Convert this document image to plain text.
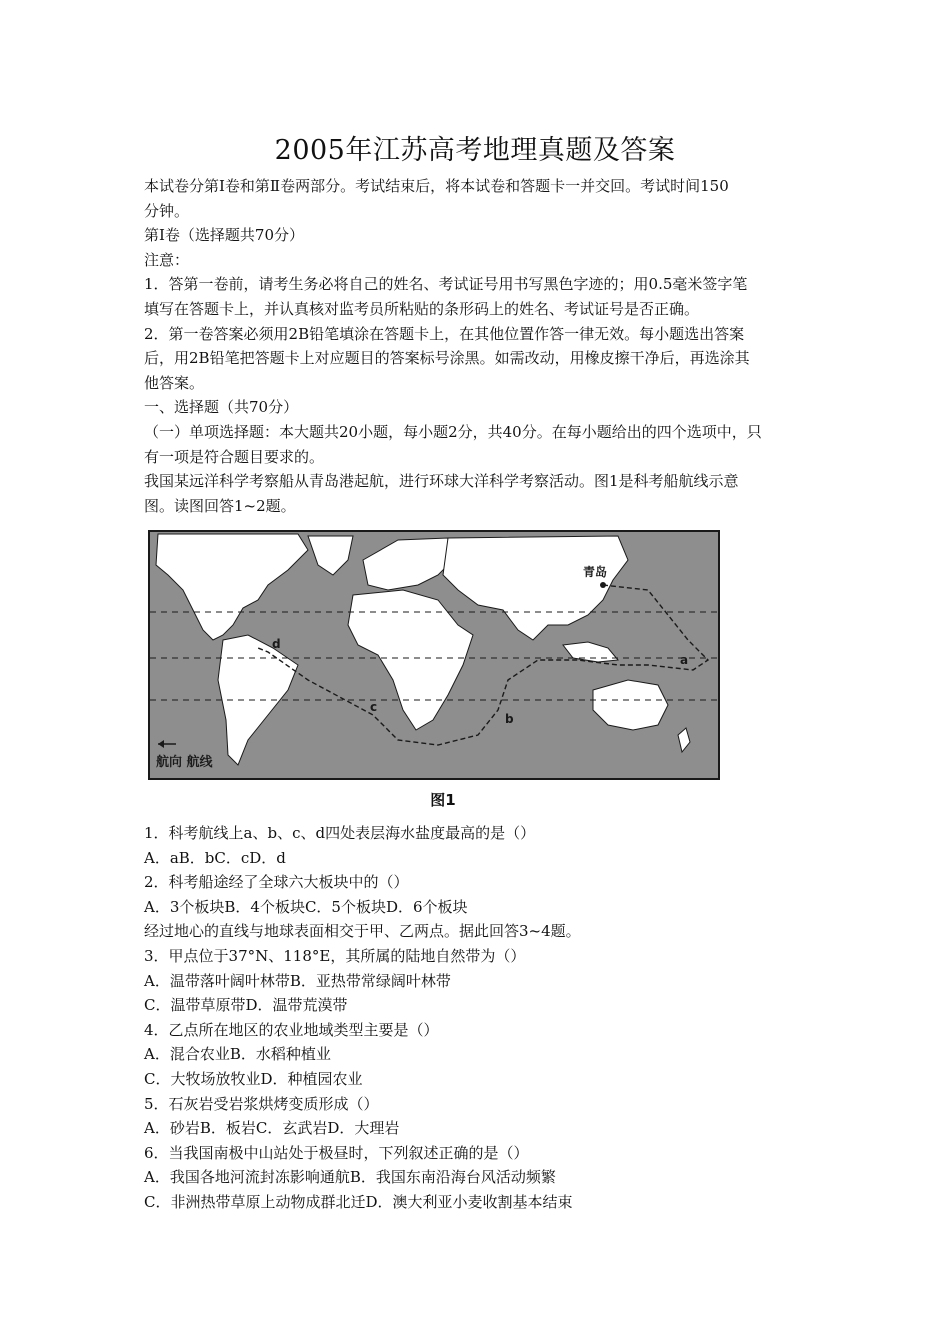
2005年江苏高考地理真题及答案
本试卷分第Ⅰ卷和第Ⅱ卷两部分。考试结束后，将本试卷和答题卡一并交回。考试时间150
分钟。
第Ⅰ卷（选择题共70分）
注意：
1．答第一卷前，请考生务必将自己的姓名、考试证号用书写黑色字迹的；用0.5毫米签字笔
填写在答题卡上，并认真核对监考员所粘贴的条形码上的姓名、考试证号是否正确。
2．第一卷答案必须用2B铅笔填涂在答题卡上，在其他位置作答一律无效。每小题选出答案
后，用2B铅笔把答题卡上对应题目的答案标号涂黑。如需改动，用橡皮擦干净后，再选涂其
他答案。
一、选择题（共70分）
（一）单项选择题：本大题共20小题，每小题2分，共40分。在每小题给出的四个选项中，只
有一项是符合题目要求的。
我国某远洋科学考察船从青岛港起航，进行环球大洋科学考察活动。图1是科考船航线示意
图。读图回答1~2题。
青岛
a
b
c
d
航向 航线
图1
1．科考航线上a、b、c、d四处表层海水盐度最高的是（）
A．aB．bC．cD．d
2．科考船途经了全球六大板块中的（）
A．3个板块B．4个板块C．5个板块D．6个板块
经过地心的直线与地球表面相交于甲、乙两点。据此回答3~4题。
3．甲点位于37°N、118°E，其所属的陆地自然带为（）
A．温带落叶阔叶林带B．亚热带常绿阔叶林带
C．温带草原带D．温带荒漠带
4．乙点所在地区的农业地域类型主要是（）
A．混合农业B．水稻种植业
C．大牧场放牧业D．种植园农业
5．石灰岩受岩浆烘烤变质形成（）
A．砂岩B．板岩C．玄武岩D．大理岩
6．当我国南极中山站处于极昼时，下列叙述正确的是（）
A．我国各地河流封冻影响通航B．我国东南沿海台风活动频繁
C．非洲热带草原上动物成群北迁D．澳大利亚小麦收割基本结束
